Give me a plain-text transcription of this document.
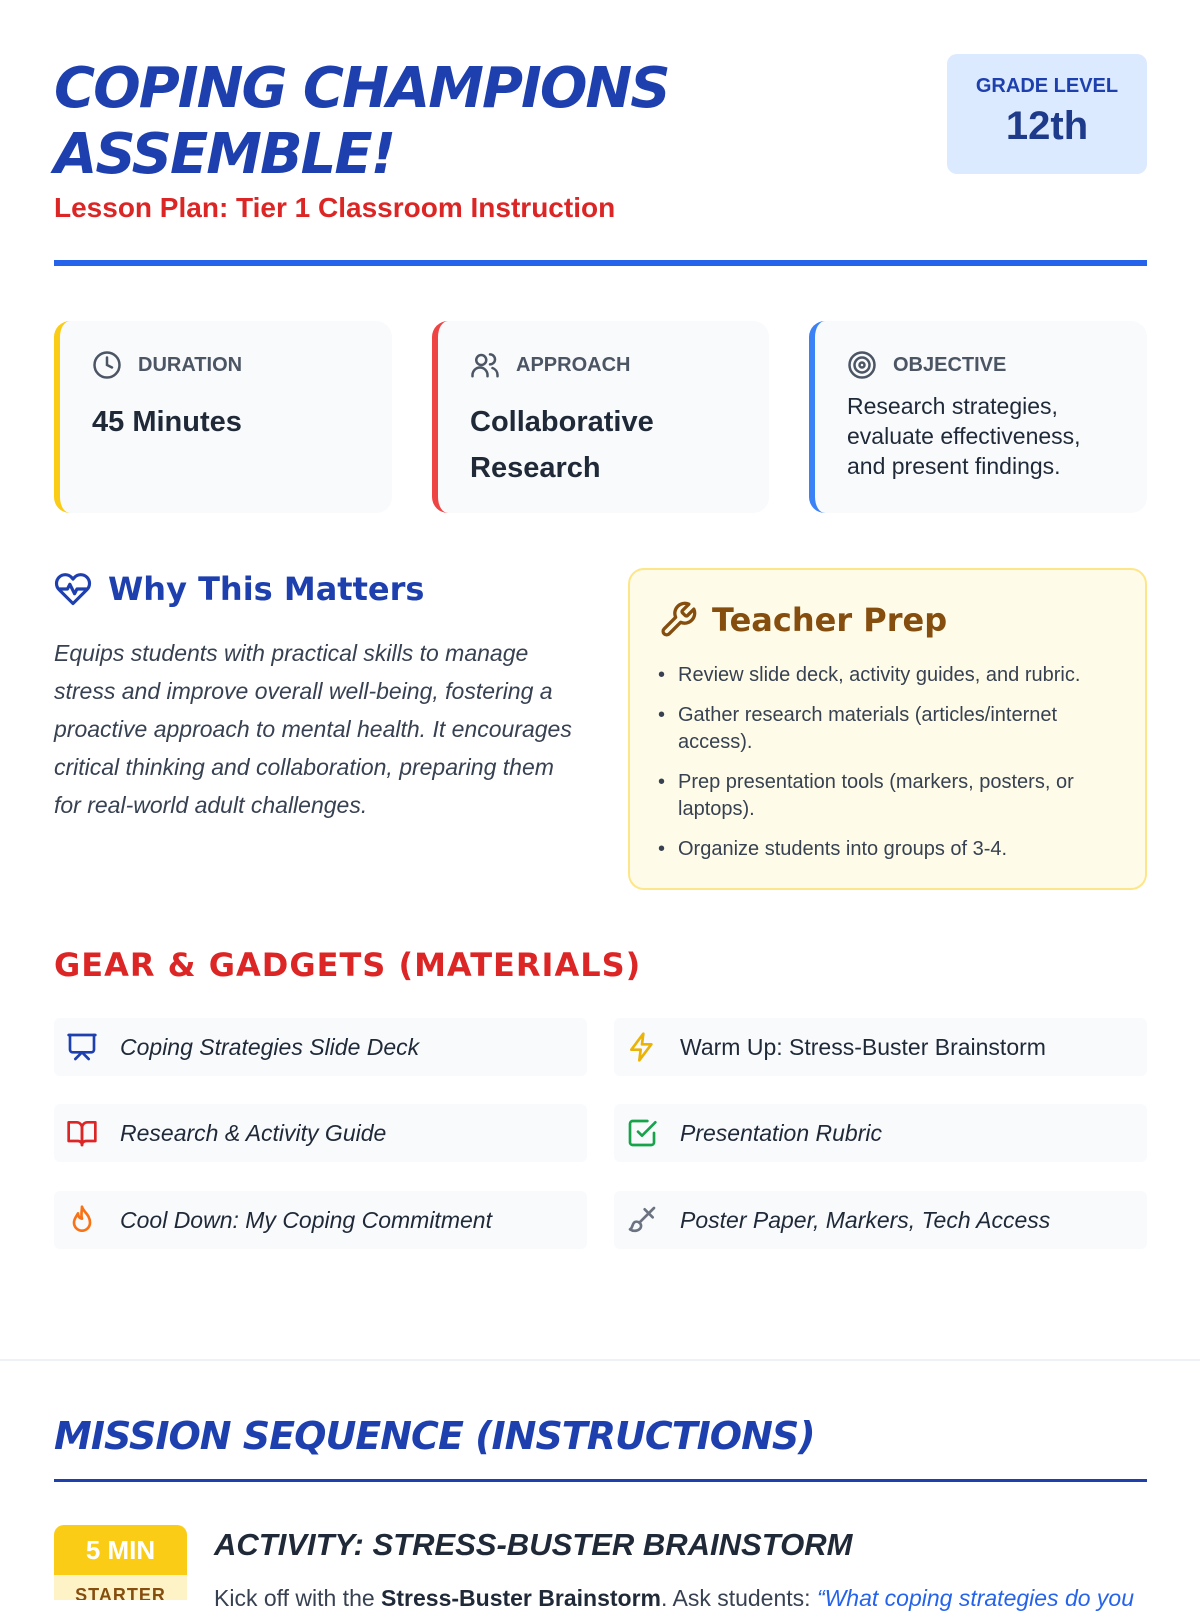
COPING CHAMPIONS ASSEMBLE!

Lesson Plan: Tier 1 Classroom Instruction

GRADE LEVEL
12th
DURATION
45 Minutes
APPROACH
Collaborative Research
OBJECTIVE
Research strategies, evaluate effectiveness, and present findings.
Why This Matters

Equips students with practical skills to manage stress and improve overall well-being, fostering a proactive approach to mental health. It encourages critical thinking and collaboration, preparing them for real-world adult challenges.

Teacher Prep
• Review slide deck, activity guides, and rubric.
• Gather research materials (articles/internet access).
• Prep presentation tools (markers, posters, or laptops).
• Organize students into groups of 3-4.
GEAR & GADGETS (MATERIALS)
Coping Strategies Slide Deck	Warm Up: Stress-Buster Brainstorm
Research & Activity Guide	Presentation Rubric
Cool Down: My Coping Commitment	Poster Paper, Markers, Tech Access
MISSION SEQUENCE (INSTRUCTIONS)
5 MIN
STARTER
ACTIVITY: STRESS-BUSTER BRAINSTORM
Kick off with the Stress-Buster Brainstorm. Ask students: “What coping strategies do you
